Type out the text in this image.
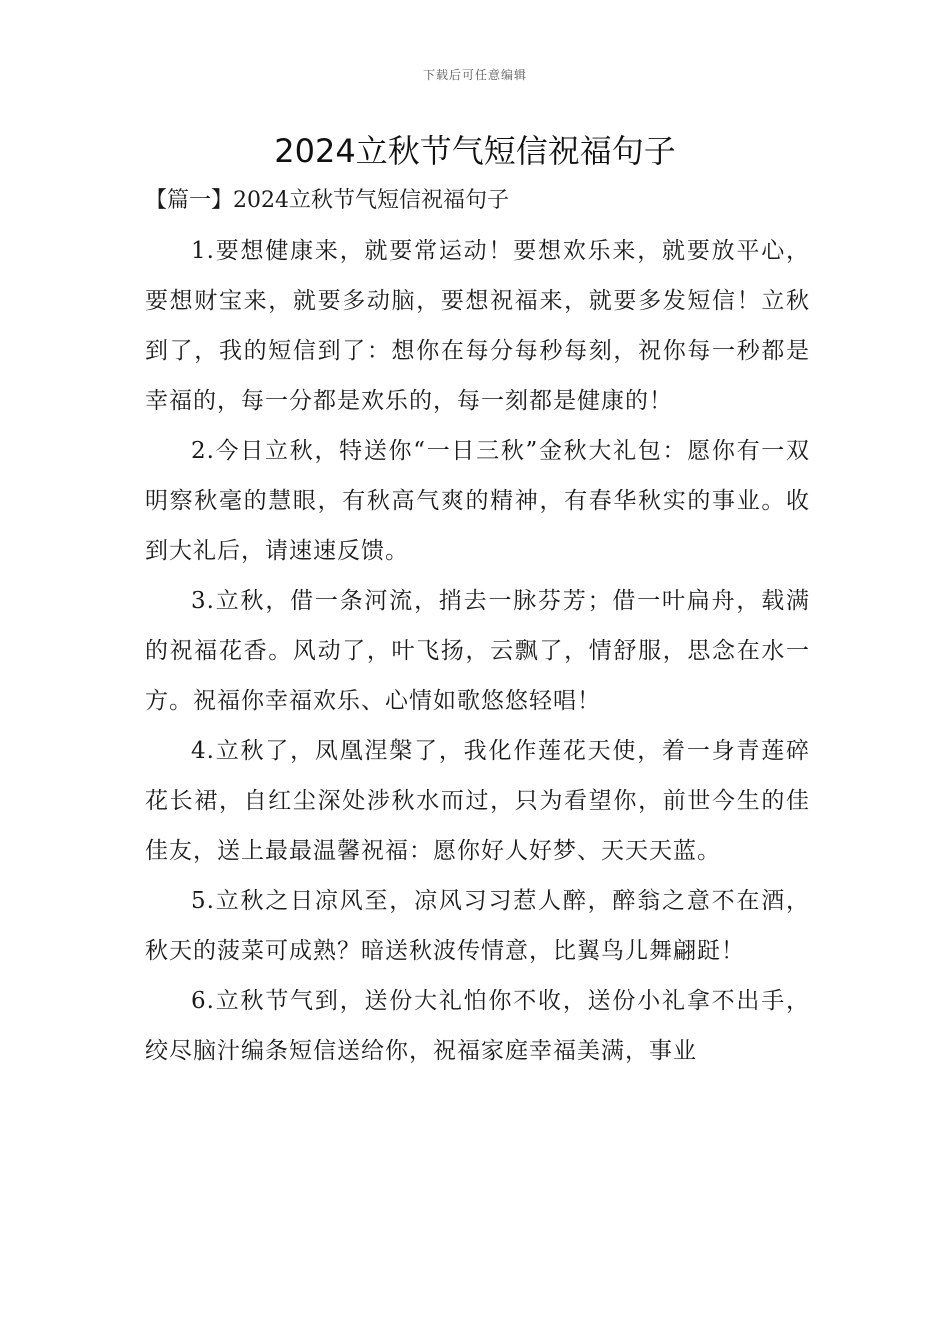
下载后可任意编辑
2024立秋节气短信祝福句子

【篇一】2024立秋节气短信祝福句子

1.要想健康来，就要常运动！要想欢乐来，就要放平心，要想财宝来，就要多动脑，要想祝福来，就要多发短信！立秋到了，我的短信到了：想你在每分每秒每刻，祝你每一秒都是幸福的，每一分都是欢乐的，每一刻都是健康的！

2.今日立秋，特送你“一日三秋”金秋大礼包：愿你有一双明察秋毫的慧眼，有秋高气爽的精神，有春华秋实的事业。收到大礼后，请速速反馈。

3.立秋，借一条河流，捎去一脉芬芳；借一叶扁舟，载满的祝福花香。风动了，叶飞扬，云飘了，情舒服，思念在水一方。祝福你幸福欢乐、心情如歌悠悠轻唱！

4.立秋了，凤凰涅槃了，我化作莲花天使，着一身青莲碎花长裙，自红尘深处涉秋水而过，只为看望你，前世今生的佳佳友，送上最最温馨祝福：愿你好人好梦、天天天蓝。

5.立秋之日凉风至，凉风习习惹人醉，醉翁之意不在酒，秋天的菠菜可成熟？暗送秋波传情意，比翼鸟儿舞翩跹！

6.立秋节气到，送份大礼怕你不收，送份小礼拿不出手，绞尽脑汁编条短信送给你，祝福家庭幸福美满，事业
